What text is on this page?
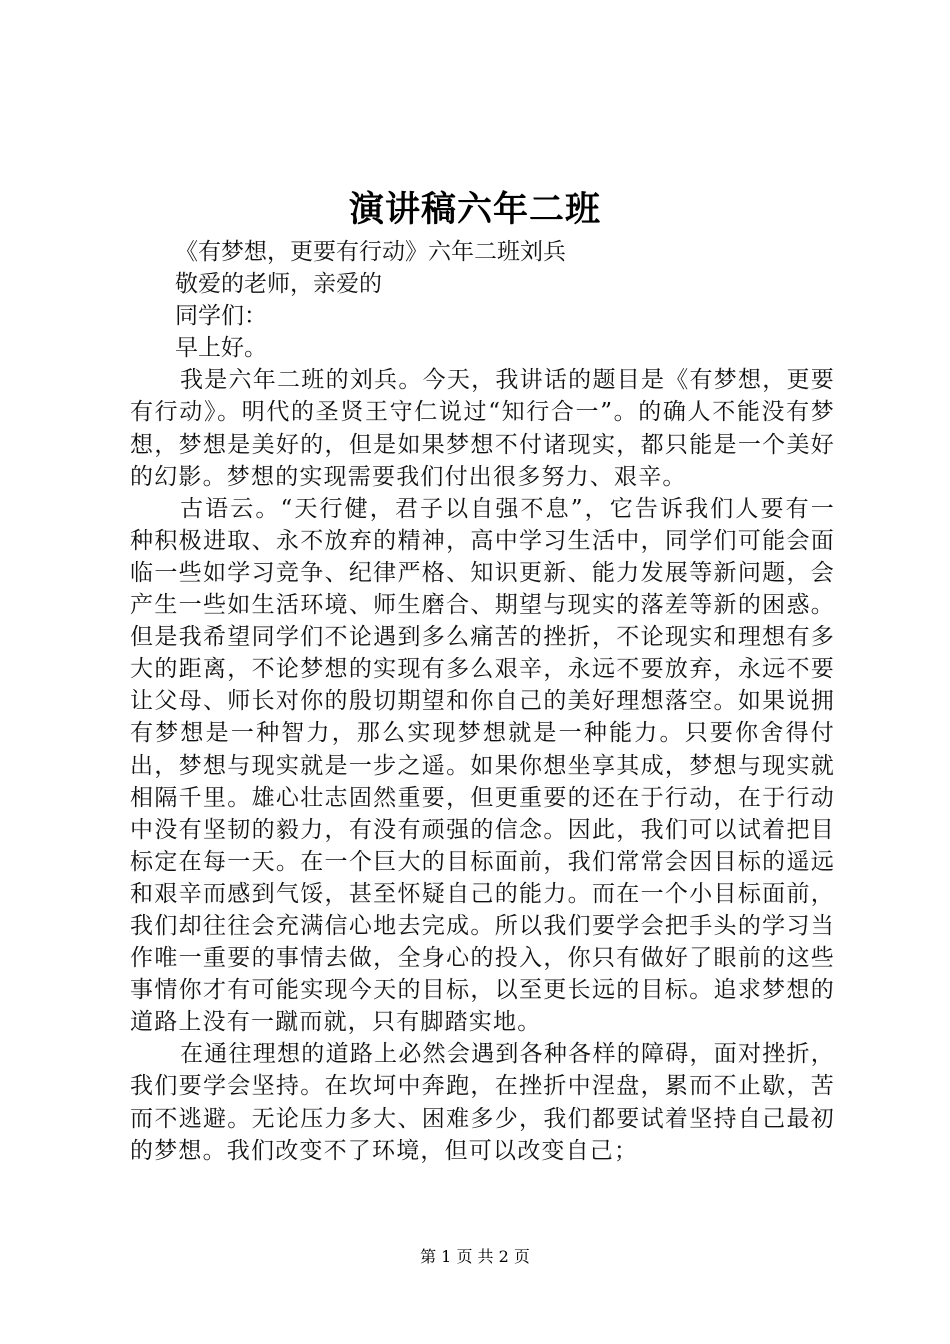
演讲稿六年二班

《有梦想，更要有行动》六年二班刘兵

敬爱的老师，亲爱的

同学们：

早上好。

我是六年二班的刘兵。今天，我讲话的题目是《有梦想，更要有行动》。明代的圣贤王守仁说过“知行合一”。的确人不能没有梦想，梦想是美好的，但是如果梦想不付诸现实，都只能是一个美好的幻影。梦想的实现需要我们付出很多努力、艰辛。

古语云。“天行健，君子以自强不息”，它告诉我们人要有一种积极进取、永不放弃的精神，高中学习生活中，同学们可能会面临一些如学习竞争、纪律严格、知识更新、能力发展等新问题，会产生一些如生活环境、师生磨合、期望与现实的落差等新的困惑。但是我希望同学们不论遇到多么痛苦的挫折，不论现实和理想有多大的距离，不论梦想的实现有多么艰辛，永远不要放弃，永远不要让父母、师长对你的殷切期望和你自己的美好理想落空。如果说拥有梦想是一种智力，那么实现梦想就是一种能力。只要你舍得付出，梦想与现实就是一步之遥。如果你想坐享其成，梦想与现实就相隔千里。雄心壮志固然重要，但更重要的还在于行动，在于行动中没有坚韧的毅力，有没有顽强的信念。因此，我们可以试着把目标定在每一天。在一个巨大的目标面前，我们常常会因目标的遥远和艰辛而感到气馁，甚至怀疑自己的能力。而在一个小目标面前，我们却往往会充满信心地去完成。所以我们要学会把手头的学习当作唯一重要的事情去做，全身心的投入，你只有做好了眼前的这些事情你才有可能实现今天的目标，以至更长远的目标。追求梦想的道路上没有一蹴而就，只有脚踏实地。

在通往理想的道路上必然会遇到各种各样的障碍，面对挫折，我们要学会坚持。在坎坷中奔跑，在挫折中涅盘，累而不止歇，苦而不逃避。无论压力多大、困难多少，我们都要试着坚持自己最初的梦想。我们改变不了环境，但可以改变自己；

第 1 页 共 2 页
